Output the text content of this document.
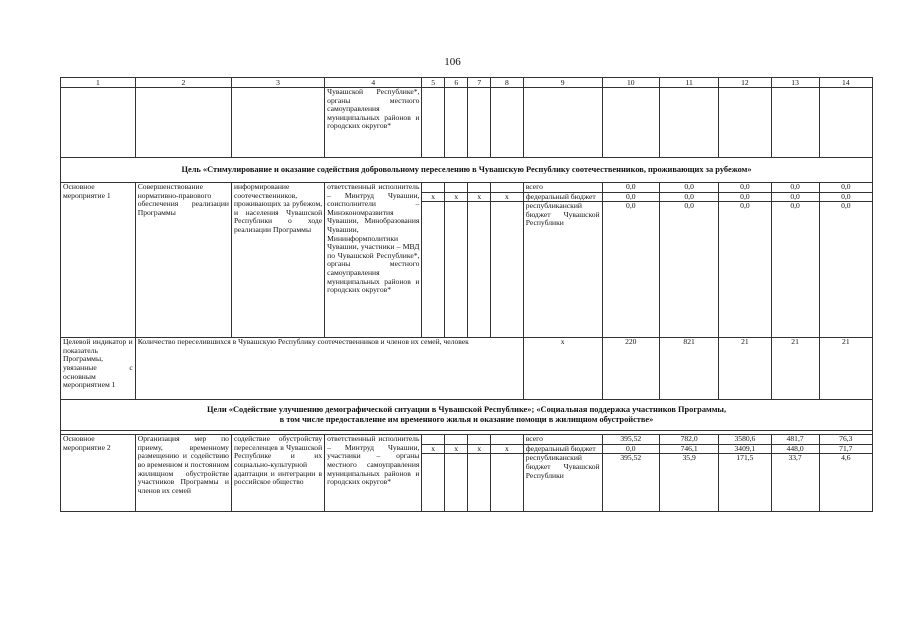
106
1	2	3	4	5	6	7	8	9	10	11	12	13	14
			Чувашской Республике*, органы местного самоуправления муниципальных районов и городских округов*										
Цель «Стимулирование и оказание содействия добровольному переселению в Чувашскую Республику соотечественников, проживающих за рубежом»													
Основное мероприятие 1	Совершенствование нормативно-правового обеспечения реализации Программы	информирование соотечественников, проживающих за рубежом, и населения Чувашской Республики о ходе реализации Программы	ответственный исполнитель – Минтруд Чувашии, соисполнители – Минэкономразвития Чувашии, Минобразования Чувашии, Мининформполитики Чувашии, участники – МВД по Чувашской Республике*, органы местного самоуправления муниципальных районов и городских округов*					всего	0,0	0,0	0,0	0,0	0,0
				x	x	x	x	федеральный бюджет	0,0	0,0	0,0	0,0	0,0
								республиканский бюджет Чувашской Республики	0,0	0,0	0,0	0,0	0,0
Целевой индикатор и показатель Программы, увязанные с основным мероприятием 1	Количество переселившихся в Чувашскую Республику соотечественников и членов их семей, человек							x	220	821	21	21	21
Цели «Содействие улучшению демографической ситуации в Чувашской Республике»; «Социальная поддержка участников Программы,
в том числе предоставление им временного жилья и оказание помощи в жилищном обустройстве»													

Основное мероприятие 2	Организация мер по приему, временному размещению и содействию во временном и постоянном жилищном обустройстве участников Программы и членов их семей	содействие обустройству переселенцев в Чувашской Республике и их социально-культурной адаптации и интеграции в российское общество	ответственный исполнитель – Минтруд Чувашии, участники – органы местного самоуправления муниципальных районов и городских округов*					всего	395,52	782,0	3580,6	481,7	76,3
				x	x	x	x	федеральный бюджет	0,0	746,1	3409,1	448,0	71,7
								республиканский бюджет Чувашской Республики	395,52	35,9	171,5	33,7	4,6
